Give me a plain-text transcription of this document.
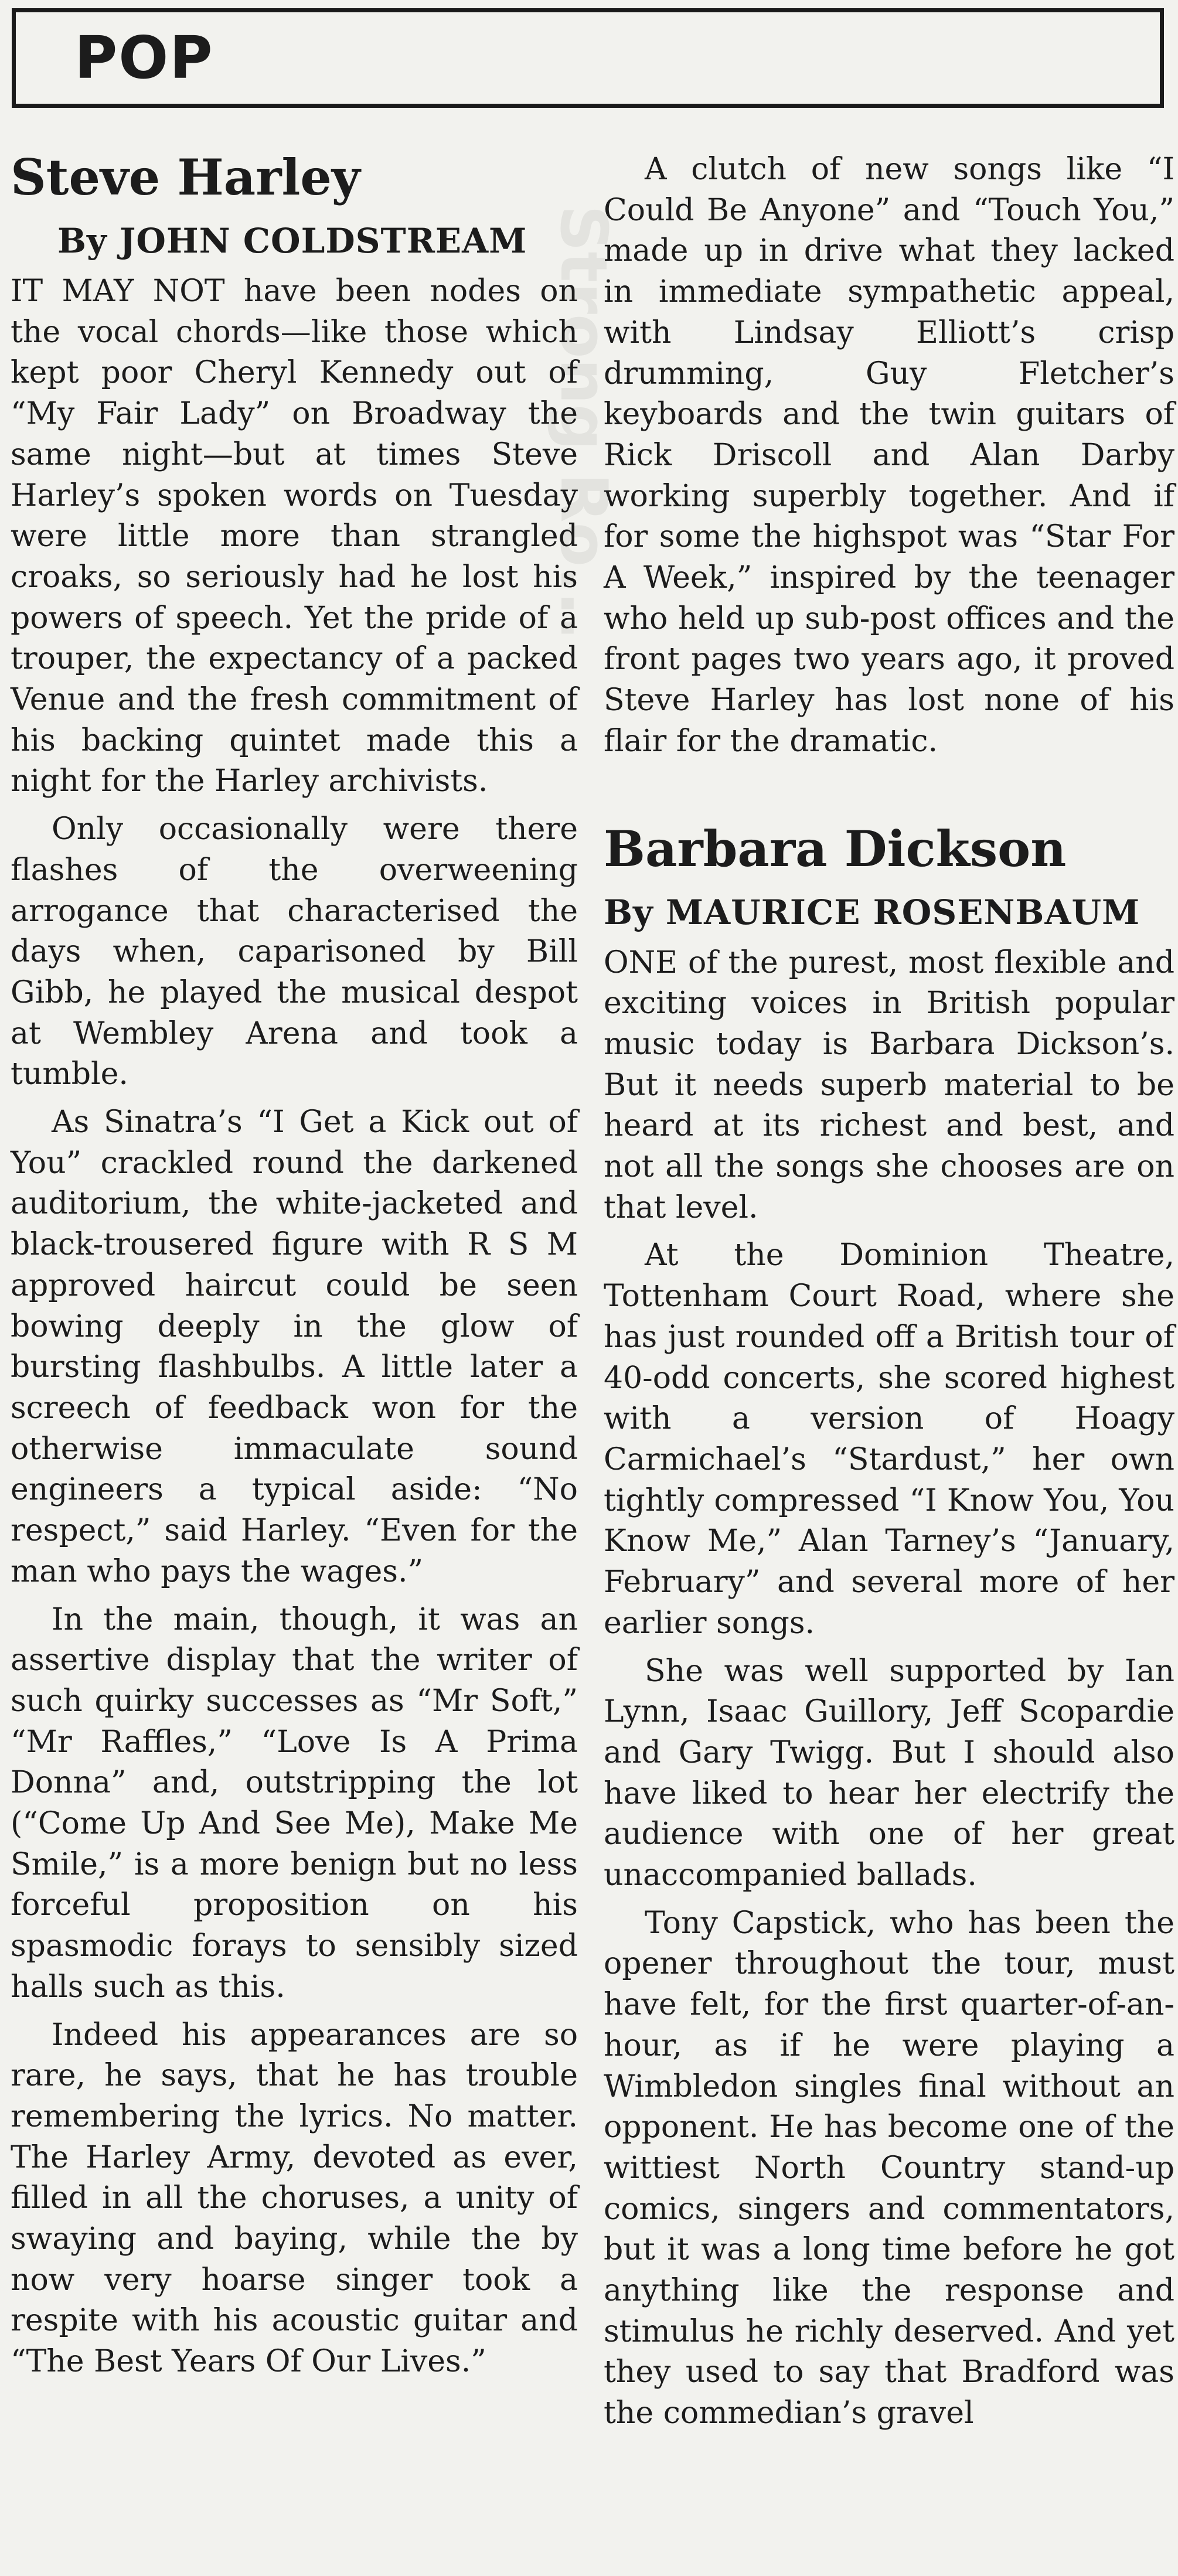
POP
Strong Ro...
Steve Harley
By JOHN COLDSTREAM

IT MAY NOT have been nodes on the vocal chords—like those which kept poor Cheryl Kennedy out of “My Fair Lady” on Broadway the same night—but at times Steve Harley’s spoken words on Tuesday were little more than strangled croaks, so seriously had he lost his powers of speech. Yet the pride of a trouper, the expectancy of a packed Venue and the fresh commitment of his backing quintet made this a night for the Harley archivists.

Only occasionally were there flashes of the overweening arrogance that characterised the days when, caparisoned by Bill Gibb, he played the musical despot at Wembley Arena and took a tumble.

As Sinatra’s “I Get a Kick out of You” crackled round the darkened auditorium, the white-jacketed and black-trousered figure with R S M approved haircut could be seen bowing deeply in the glow of bursting flashbulbs. A little later a screech of feedback won for the otherwise immaculate sound engineers a typical aside: “No respect,” said Harley. “Even for the man who pays the wages.”

In the main, though, it was an assertive display that the writer of such quirky successes as “Mr Soft,” “Mr Raffles,” “Love Is A Prima Donna” and, outstripping the lot (“Come Up And See Me), Make Me Smile,” is a more benign but no less forceful proposition on his spasmodic forays to sensibly sized halls such as this.

Indeed his appearances are so rare, he says, that he has trouble remembering the lyrics. No matter. The Harley Army, devoted as ever, filled in all the choruses, a unity of swaying and baying, while the by now very hoarse singer took a respite with his acoustic guitar and “The Best Years Of Our Lives.”

A clutch of new songs like “I Could Be Anyone” and “Touch You,” made up in drive what they lacked in immediate sympathetic appeal, with Lindsay Elliott’s crisp drumming, Guy Fletcher’s keyboards and the twin guitars of Rick Driscoll and Alan Darby working superbly together. And if for some the highspot was “Star For A Week,” inspired by the teenager who held up sub-post offices and the front pages two years ago, it proved Steve Harley has lost none of his flair for the dramatic.

Barbara Dickson
By MAURICE ROSENBAUM

ONE of the purest, most flexible and exciting voices in British popular music today is Barbara Dickson’s. But it needs superb material to be heard at its richest and best, and not all the songs she chooses are on that level.

At the Dominion Theatre, Tottenham Court Road, where she has just rounded off a British tour of 40-odd concerts, she scored highest with a version of Hoagy Carmichael’s “Stardust,” her own tightly compressed “I Know You, You Know Me,” Alan Tarney’s “January, February” and several more of her earlier songs.

She was well supported by Ian Lynn, Isaac Guillory, Jeff Scopardie and Gary Twigg. But I should also have liked to hear her electrify the audience with one of her great unaccompanied ballads.

Tony Capstick, who has been the opener throughout the tour, must have felt, for the first quarter-of-an-hour, as if he were playing a Wimbledon singles final without an opponent. He has become one of the wittiest North Country stand-up comics, singers and commentators, but it was a long time before he got anything like the response and stimulus he richly deserved. And yet they used to say that Bradford was the commedian’s gravel
